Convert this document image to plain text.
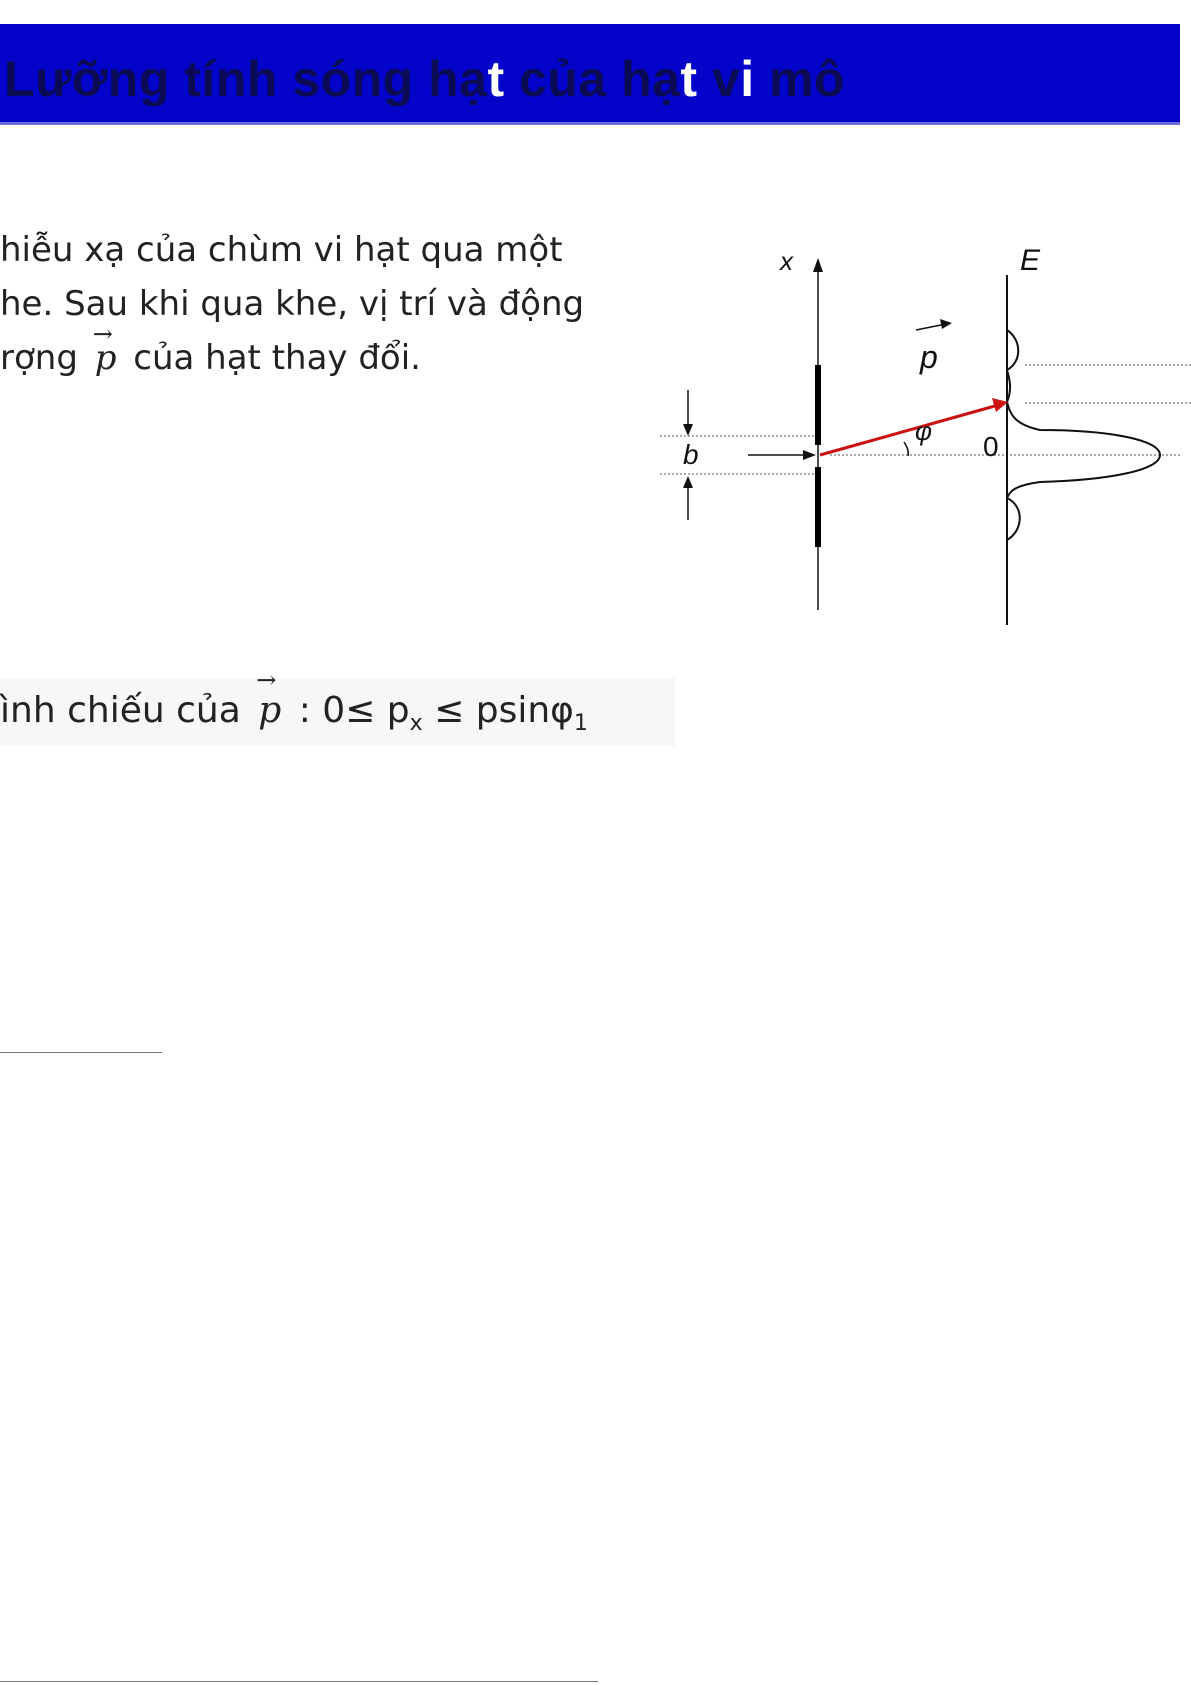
Lưỡng tính sóng hạt của hạt vi mô
hiễu xạ của chùm vi hạt qua một
he. Sau khi qua khe, vị trí và động
rợng → p của hạt thay đổi.
x
b
E
φ
p
0
ình chiếu của → p : $0\le p_x \le psin\varphi_1$
